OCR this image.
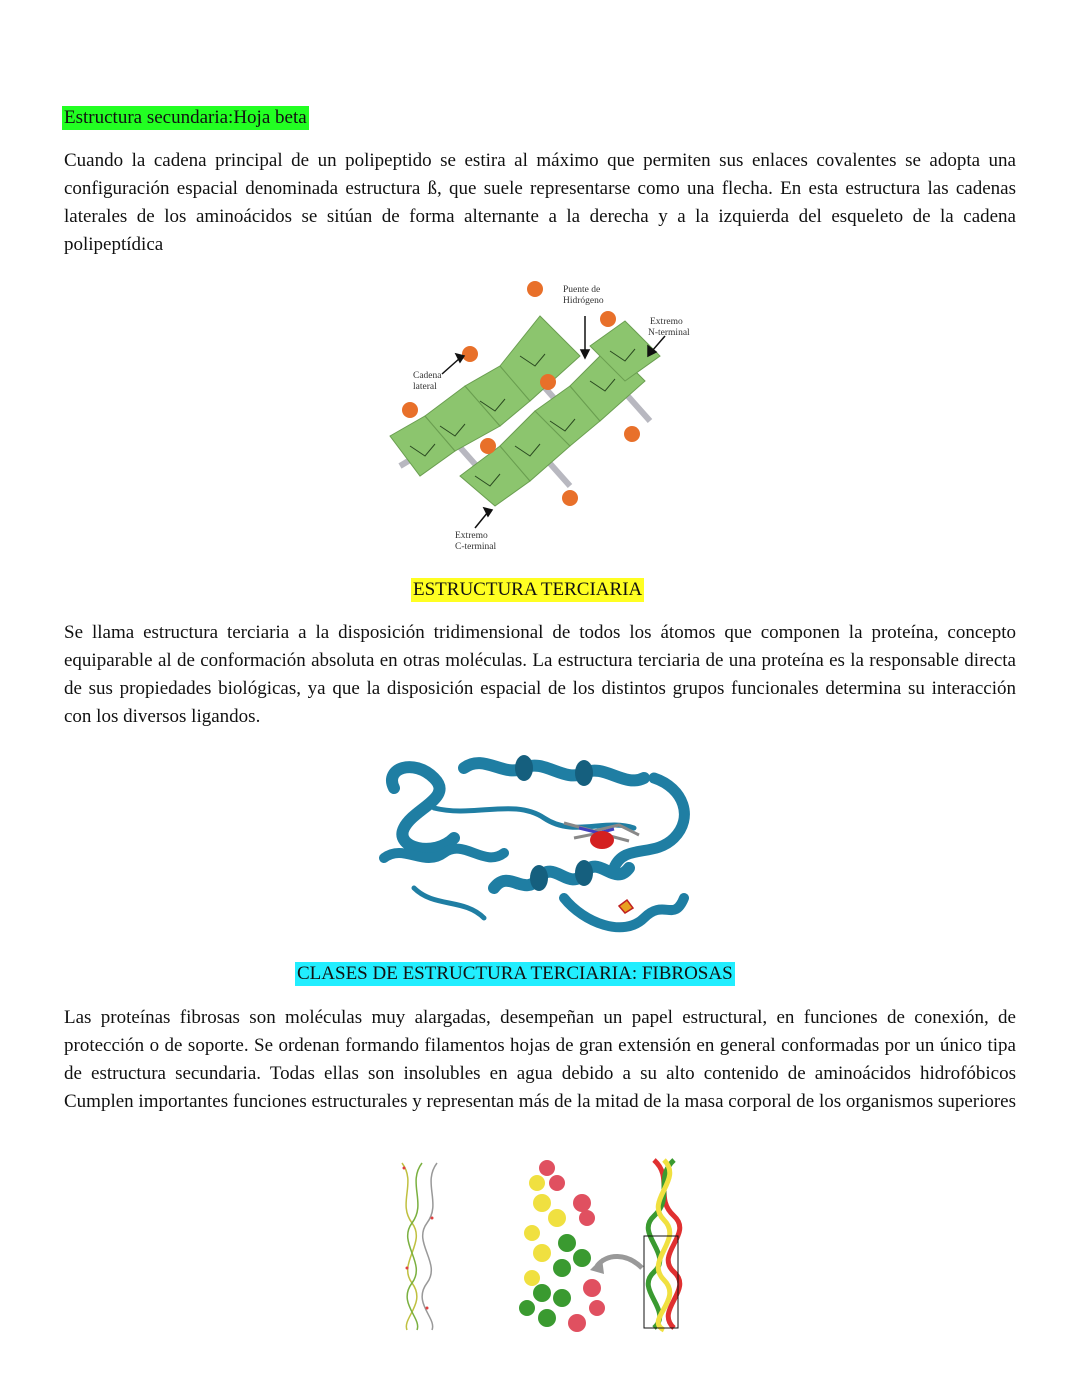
Estructura secundaria:Hoja beta

Cuando la cadena principal de un polipeptido se estira al máximo que permiten sus enlaces covalentes se adopta una configuración espacial denominada estructura ß, que suele representarse como una flecha. En esta estructura las cadenas laterales de los aminoácidos se sitúan de forma alternante a la derecha y a la izquierda del esqueleto de la cadena polipeptídica

Puente de
Hidrógeno
Extremo
N-terminal
Cadena
lateral
Extremo
C-terminal
ESTRUCTURA TERCIARIA

Se llama estructura terciaria a la disposición tridimensional de todos los átomos que componen la proteína, concepto equiparable al de conformación absoluta en otras moléculas. La estructura terciaria de una proteína es la responsable directa de sus propiedades biológicas, ya que la disposición espacial de los distintos grupos funcionales determina su interacción con los diversos ligandos.

CLASES DE ESTRUCTURA TERCIARIA: FIBROSAS

Las proteínas fibrosas son moléculas muy alargadas, desempeñan un papel estructural, en funciones de conexión, de protección o de soporte. Se ordenan formando filamentos hojas de gran extensión en general conformadas por un único tipa de estructura secundaria. Todas ellas son insolubles en agua debido a su alto contenido de aminoácidos hidrofóbicos Cumplen importantes funciones estructurales y representan más de la mitad de la masa corporal de los organismos superiores
